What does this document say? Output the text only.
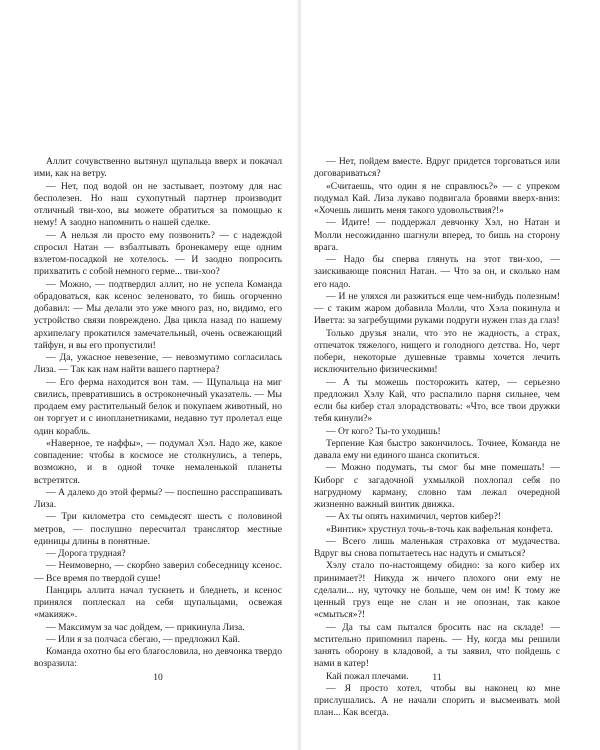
Аллит сочувственно вытянул щупальца вверх и покачал ими, как на ветру.

— Нет, под водой он не застывает, поэтому для нас бесполезен. Но наш сухопутный партнер производит отличный тви-хоо, вы можете обратиться за помощью к нему! А заодно напомнить о нашей сделке.

— А нельзя ли просто ему позвонить? — с надеждой спросил Натан — взбалтывать бронекамеру еще одним взлетом-посадкой не хотелось. — И заодно попросить прихватить с собой немного герме... тви-хоо?

— Можно, — подтвердил аллит, но не успела Команда обрадоваться, как ксенос зеленовато, то бишь огорченно добавил: — Мы делали это уже много раз, но, видимо, его устройство связи повреждено. Два цикла назад по нашему архипелагу прокатился замечательный, очень освежающий тайфун, и вы его пропустили!

— Да, ужасное невезение, — невозмутимо согласилась Лиза. — Так как нам найти вашего партнера?

— Его ферма находится вон там. — Щупальца на миг свились, превратившись в остроконечный указатель. — Мы продаем ему растительный белок и покупаем животный, но он торгует и с инопланетниками, недавно тут пролетал еще один корабль.

«Наверное, те наффы», — подумал Хэл. Надо же, какое совпадение: чтобы в космосе не столкнулись, а теперь, возможно, и в одной точке немаленькой планеты встретятся.

— А далеко до этой фермы? — поспешно расспрашивать Лиза.

— Три километра сто семьдесят шесть с половиной метров, — послушно пересчитал транслятор местные единицы длины в понятные.

— Дорога трудная?

— Неимоверно, — скорбно заверил собеседницу ксенос. — Все время по твердой суше!

Панцирь аллита начал тускнеть и бледнеть, и ксенос принялся поплескал на себя щупальцами, освежая «макияж».

— Максимум за час дойдем, — прикинула Лиза.

— Или я за полчаса сбегаю, — предложил Кай.

Команда охотно бы его благословила, но девчонка твердо возразила:

10

— Нет, пойдем вместе. Вдруг придется торговаться или договариваться?

«Считаешь, что один я не справлюсь?» — с упреком подумал Кай. Лиза лукаво подвигала бровями вверх-вниз: «Хочешь лишить меня такого удовольствия?!»

— Идите! — поддержал девчонку Хэл, но Натан и Молли несожиданно шагнули вперед, то бишь на сторону врага.

— Надо бы сперва глянуть на этот тви-хоо, — заискивающе пояснил Натан. — Что за он, и сколько нам его надо.

— И не уляхся ли разжиться еще чем-нибудь полезным! — с таким жаром добавила Молли, что Хэла покинула и Иветта: за загребущими руками подруги нужен глаз да глаз!

Только друзья знали, что это не жадность, а страх, отпечаток тяжелого, нищего и голодного детства. Но, черт побери, некоторые душевные травмы хочется лечить исключительно физическими!

— А ты можешь посторожить катер, — серьезно предложил Хэлу Кай, что распалило парня сильнее, чем если бы кибер стал злорадствовать: «Что, все твои дружки тебя кинули?»

— От кого? Ты-то уходишь!

Терпение Кая быстро закончилось. Точнее, Команда не давала ему ни единого шанса скопиться.

— Можно подумать, ты смог бы мне помешать! — Киборг с загадочной ухмылкой похлопал себя по нагрудному карману, словно там лежал очередной жизненно важный винтик движка.

— Ах ты опять нахимичил, чертов кибер?!

«Винтик» хрустнул точь-в-точь как вафельная конфета.

— Всего лишь маленькая страховка от мудачества. Вдруг вы снова попытаетесь нас надуть и смыться?

Хэлу стало по-настоящему обидно: за кого кибер их принимает?! Никуда ж ничего плохого они ему не сделали... ну, чуточку не больше, чем он им! К тому же ценный груз еще не слан и не опознан, так какое «смыться»?!

— Да ты сам пытался бросить нас на складе! — мстительно припомнил парень. — Ну, когда мы решили занять оборону в кладовой, а ты заявил, что пойдешь с нами в катер!

Кай пожал плечами.

— Я просто хотел, чтобы вы наконец ко мне прислушались. А не начали спорить и высмеивать мой план... Как всегда.

11
